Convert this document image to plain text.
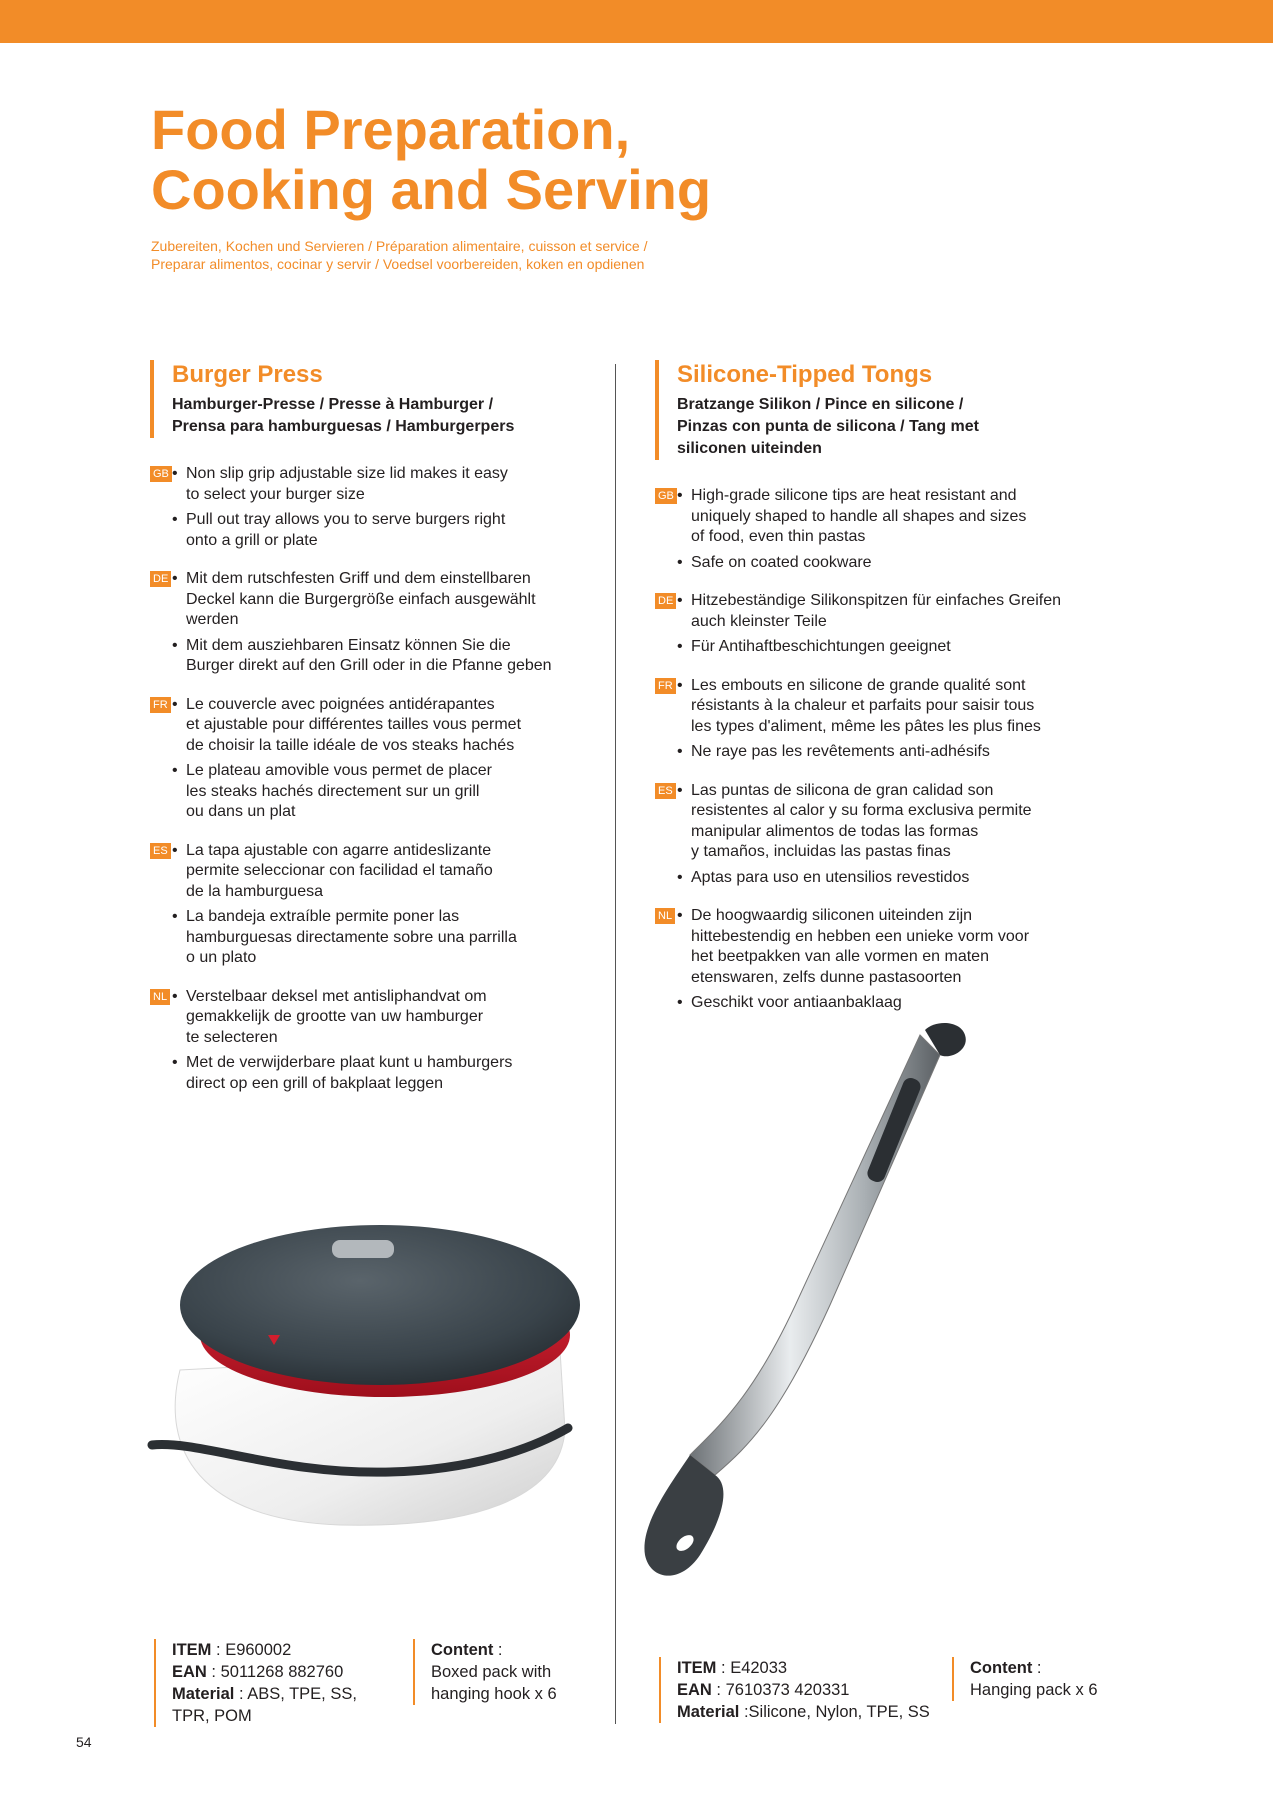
Food Preparation,
Cooking and Serving
Zubereiten, Kochen und Servieren / Préparation alimentaire, cuisson et service /
Preparar alimentos, cocinar y servir / Voedsel voorbereiden, koken en opdienen
Burger Press
Hamburger-Presse / Presse à Hamburger /
Prensa para hamburguesas / Hamburgerpers
GB • Non slip grip adjustable size lid makes it easy
to select your burger size
• Pull out tray allows you to serve burgers right
onto a grill or plate
DE • Mit dem rutschfesten Griff und dem einstellbaren
Deckel kann die Burgergröße einfach ausgewählt
werden
• Mit dem ausziehbaren Einsatz können Sie die
Burger direkt auf den Grill oder in die Pfanne geben
FR • Le couvercle avec poignées antidérapantes
et ajustable pour différentes tailles vous permet
de choisir la taille idéale de vos steaks hachés
• Le plateau amovible vous permet de placer
les steaks hachés directement sur un grill
ou dans un plat
ES • La tapa ajustable con agarre antideslizante
permite seleccionar con facilidad el tamaño
de la hamburguesa
• La bandeja extraíble permite poner las
hamburguesas directamente sobre una parrilla
o un plato
NL • Verstelbaar deksel met antisliphandvat om
gemakkelijk de grootte van uw hamburger
te selecteren
• Met de verwijderbare plaat kunt u hamburgers
direct op een grill of bakplaat leggen
Silicone-Tipped Tongs
Bratzange Silikon / Pince en silicone /
Pinzas con punta de silicona / Tang met
siliconen uiteinden
GB • High-grade silicone tips are heat resistant and
uniquely shaped to handle all shapes and sizes
of food, even thin pastas
• Safe on coated cookware
DE • Hitzebeständige Silikonspitzen für einfaches Greifen
auch kleinster Teile
• Für Antihaftbeschichtungen geeignet
FR • Les embouts en silicone de grande qualité sont
résistants à la chaleur et parfaits pour saisir tous
les types d'aliment, même les pâtes les plus fines
• Ne raye pas les revêtements anti-adhésifs
ES • Las puntas de silicona de gran calidad son
resistentes al calor y su forma exclusiva permite
manipular alimentos de todas las formas
y tamaños, incluidas las pastas finas
• Aptas para uso en utensilios revestidos
NL • De hoogwaardig siliconen uiteinden zijn
hittebestendig en hebben een unieke vorm voor
het beetpakken van alle vormen en maten
etenswaren, zelfs dunne pastasoorten
• Geschikt voor antiaanbaklaag
ITEM : E960002
EAN : 5011268 882760
Material : ABS, TPE, SS,
TPR, POM
Content :
Boxed pack with
hanging hook x 6
ITEM : E42033
EAN : 7610373 420331
Material :Silicone, Nylon, TPE, SS
Content :
Hanging pack x 6
54
